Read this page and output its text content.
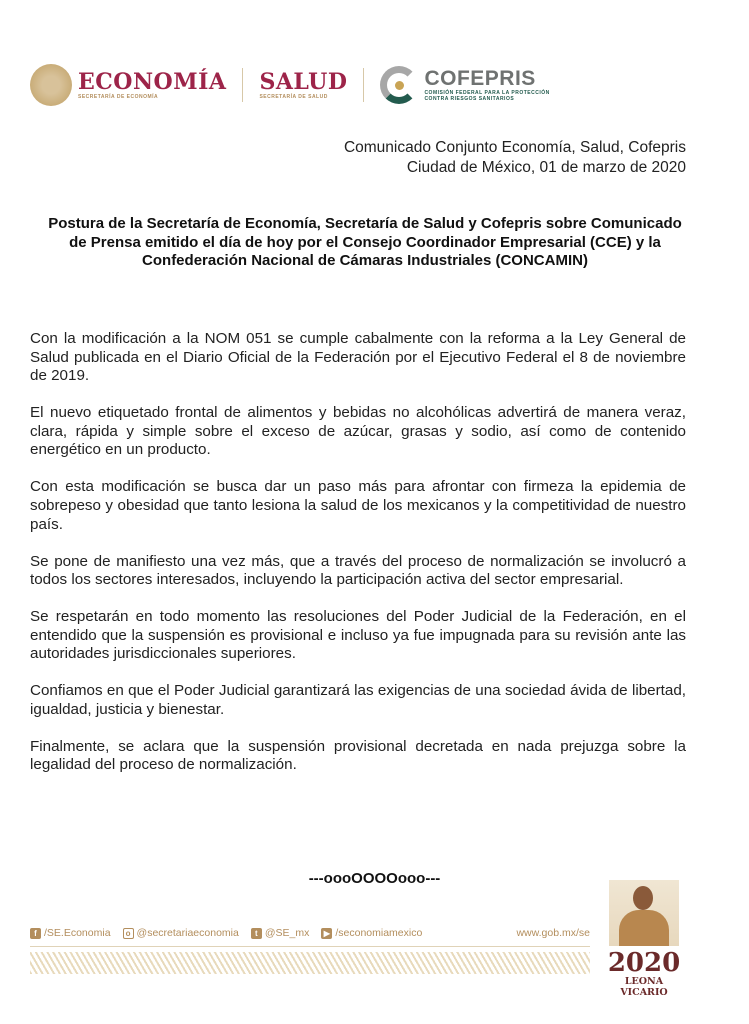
ECONOMÍA
SECRETARÍA DE ECONOMÍA
SALUD
SECRETARÍA DE SALUD
COFEPRIS
COMISIÓN FEDERAL PARA LA PROTECCIÓN
CONTRA RIESGOS SANITARIOS
Comunicado Conjunto Economía, Salud, Cofepris
Ciudad de México, 01 de marzo de 2020
Postura de la Secretaría de Economía, Secretaría de Salud y Cofepris sobre Comunicado de Prensa emitido el día de hoy por el Consejo Coordinador Empresarial (CCE) y la Confederación Nacional de Cámaras Industriales (CONCAMIN)

Con la modificación a la NOM 051 se cumple cabalmente con la reforma a la Ley General de Salud publicada en el Diario Oficial de la Federación por el Ejecutivo Federal el 8 de noviembre de 2019.

El nuevo etiquetado frontal de alimentos y bebidas no alcohólicas advertirá de manera veraz, clara, rápida y simple sobre el exceso de azúcar, grasas y sodio, así como de contenido energético en un producto.

Con esta modificación se busca dar un paso más para afrontar con firmeza la epidemia de sobrepeso y obesidad que tanto lesiona la salud de los mexicanos y la competitividad de nuestro país.

Se pone de manifiesto una vez más, que a través del proceso de normalización se involucró a todos los sectores interesados, incluyendo la participación activa del sector empresarial.

Se respetarán en todo momento las resoluciones del Poder Judicial de la Federación, en el entendido que la suspensión es provisional e incluso ya fue impugnada para su revisión ante las autoridades jurisdiccionales superiores.

Confiamos en que el Poder Judicial garantizará las exigencias de una sociedad ávida de libertad, igualdad, justicia y bienestar.

Finalmente, se aclara que la suspensión provisional decretada en nada prejuzga sobre la legalidad del proceso de normalización.

---oooOOOOooo---
f /SE.Economia	o @secretariaeconomia	t @SE_mx	▶ /seconomiamexico	www.gob.mx/se
2020
LEONA VICARIO
